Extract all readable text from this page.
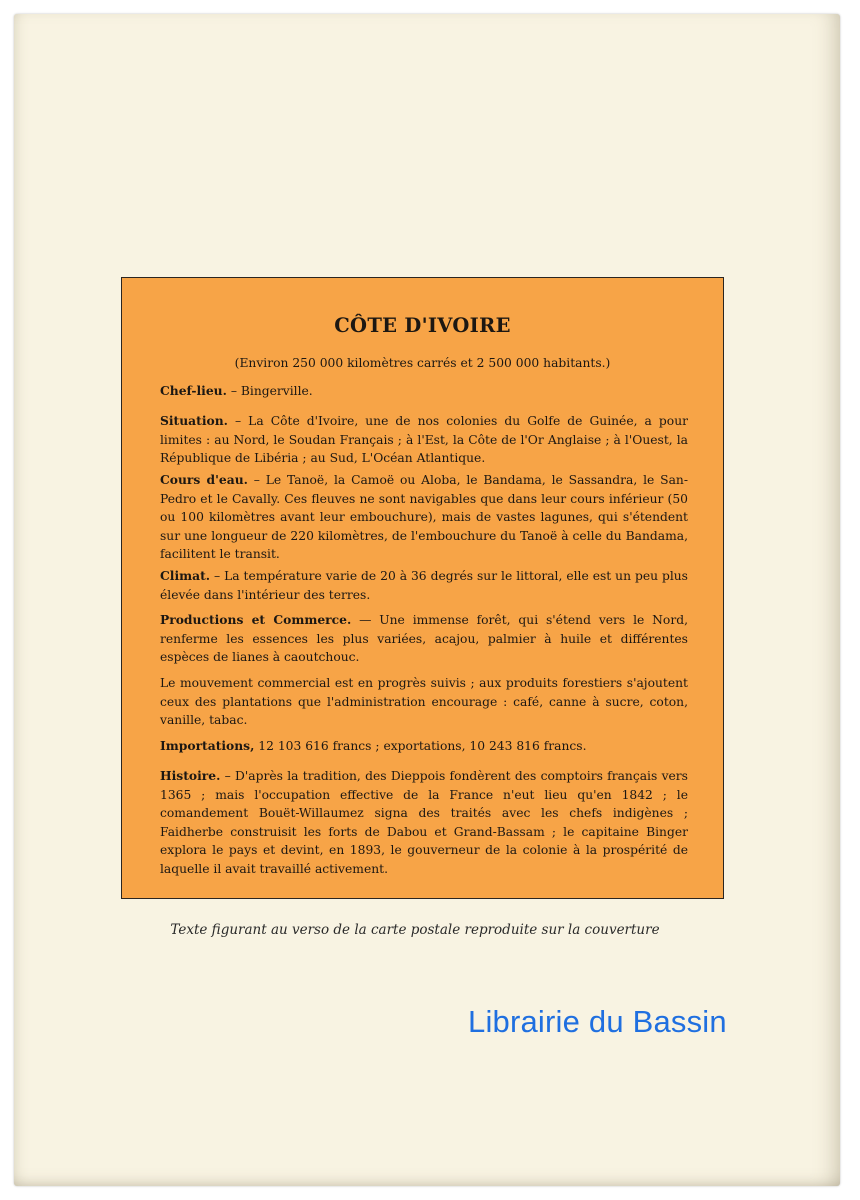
CÔTE D'IVOIRE

(Environ 250 000 kilomètres carrés et 2 500 000 habitants.)

Chef-lieu. – Bingerville.

Situation. – La Côte d'Ivoire, une de nos colonies du Golfe de Guinée, a pour limites : au Nord, le Soudan Français ; à l'Est, la Côte de l'Or Anglaise ; à l'Ouest, la République de Libéria ; au Sud, L'Océan Atlantique.

Cours d'eau. – Le Tanoë, la Camoë ou Aloba, le Bandama, le Sassandra, le San-Pedro et le Cavally. Ces fleuves ne sont navigables que dans leur cours inférieur (50 ou 100 kilomètres avant leur embouchure), mais de vastes lagunes, qui s'étendent sur une longueur de 220 kilomètres, de l'embouchure du Tanoë à celle du Bandama, facilitent le transit.

Climat. – La température varie de 20 à 36 degrés sur le littoral, elle est un peu plus élevée dans l'intérieur des terres.

Productions et Commerce. — Une immense forêt, qui s'étend vers le Nord, renferme les essences les plus variées, acajou, palmier à huile et différentes espèces de lianes à caoutchouc.

Le mouvement commercial est en progrès suivis ; aux produits forestiers s'ajoutent ceux des plantations que l'administration encourage : café, canne à sucre, coton, vanille, tabac.

Importations, 12 103 616 francs ; exportations, 10 243 816 francs.

Histoire. – D'après la tradition, des Dieppois fondèrent des comptoirs français vers 1365 ; mais l'occupation effective de la France n'eut lieu qu'en 1842 ; le comandement Bouët-Willaumez signa des traités avec les chefs indigènes ; Faidherbe construisit les forts de Dabou et Grand-Bassam ; le capitaine Binger explora le pays et devint, en 1893, le gouverneur de la colonie à la prospérité de laquelle il avait travaillé activement.

Texte figurant au verso de la carte postale reproduite sur la couverture
Librairie du Bassin
